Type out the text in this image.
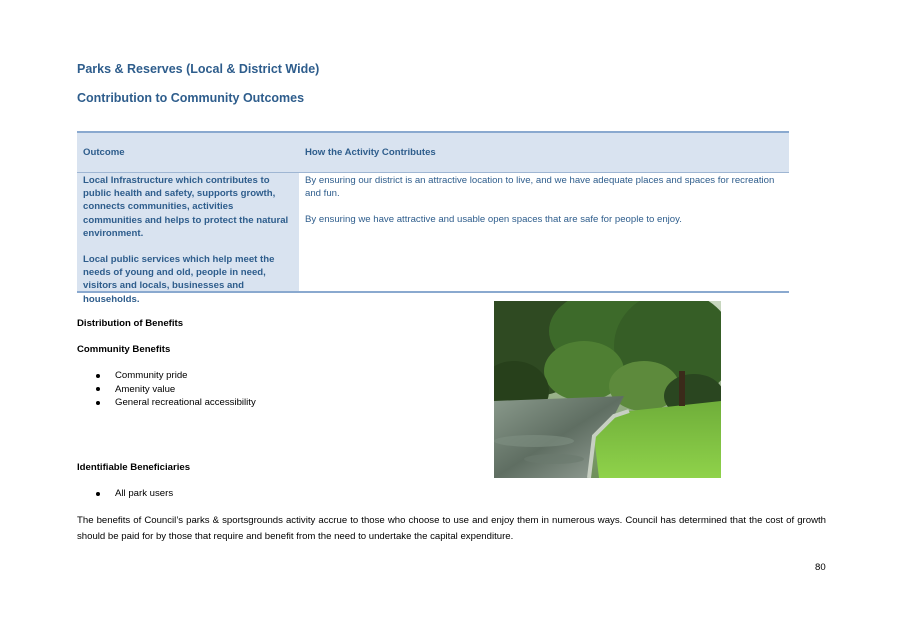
Parks & Reserves (Local & District Wide)
Contribution to Community Outcomes
Outcome	How the Activity Contributes
Local Infrastructure which contributes to public health and safety, supports growth, connects communities, activities communities and helps to protect the natural environment.
Local public services which help meet the needs of young and old, people in need, visitors and locals, businesses and households.
By ensuring our district is an attractive location to live, and we have adequate places and spaces for recreation and fun.
By ensuring we have attractive and usable open spaces that are safe for people to enjoy.
Distribution of Benefits
Community Benefits
Community pride
Amenity value
General recreational accessibility
Identifiable Beneficiaries
All park users
The benefits of Council’s parks & sportsgrounds activity accrue to those who choose to use and enjoy them in numerous ways. Council has determined that the cost of growth should be paid for by those that require and benefit from the need to undertake the capital expenditure.
80
